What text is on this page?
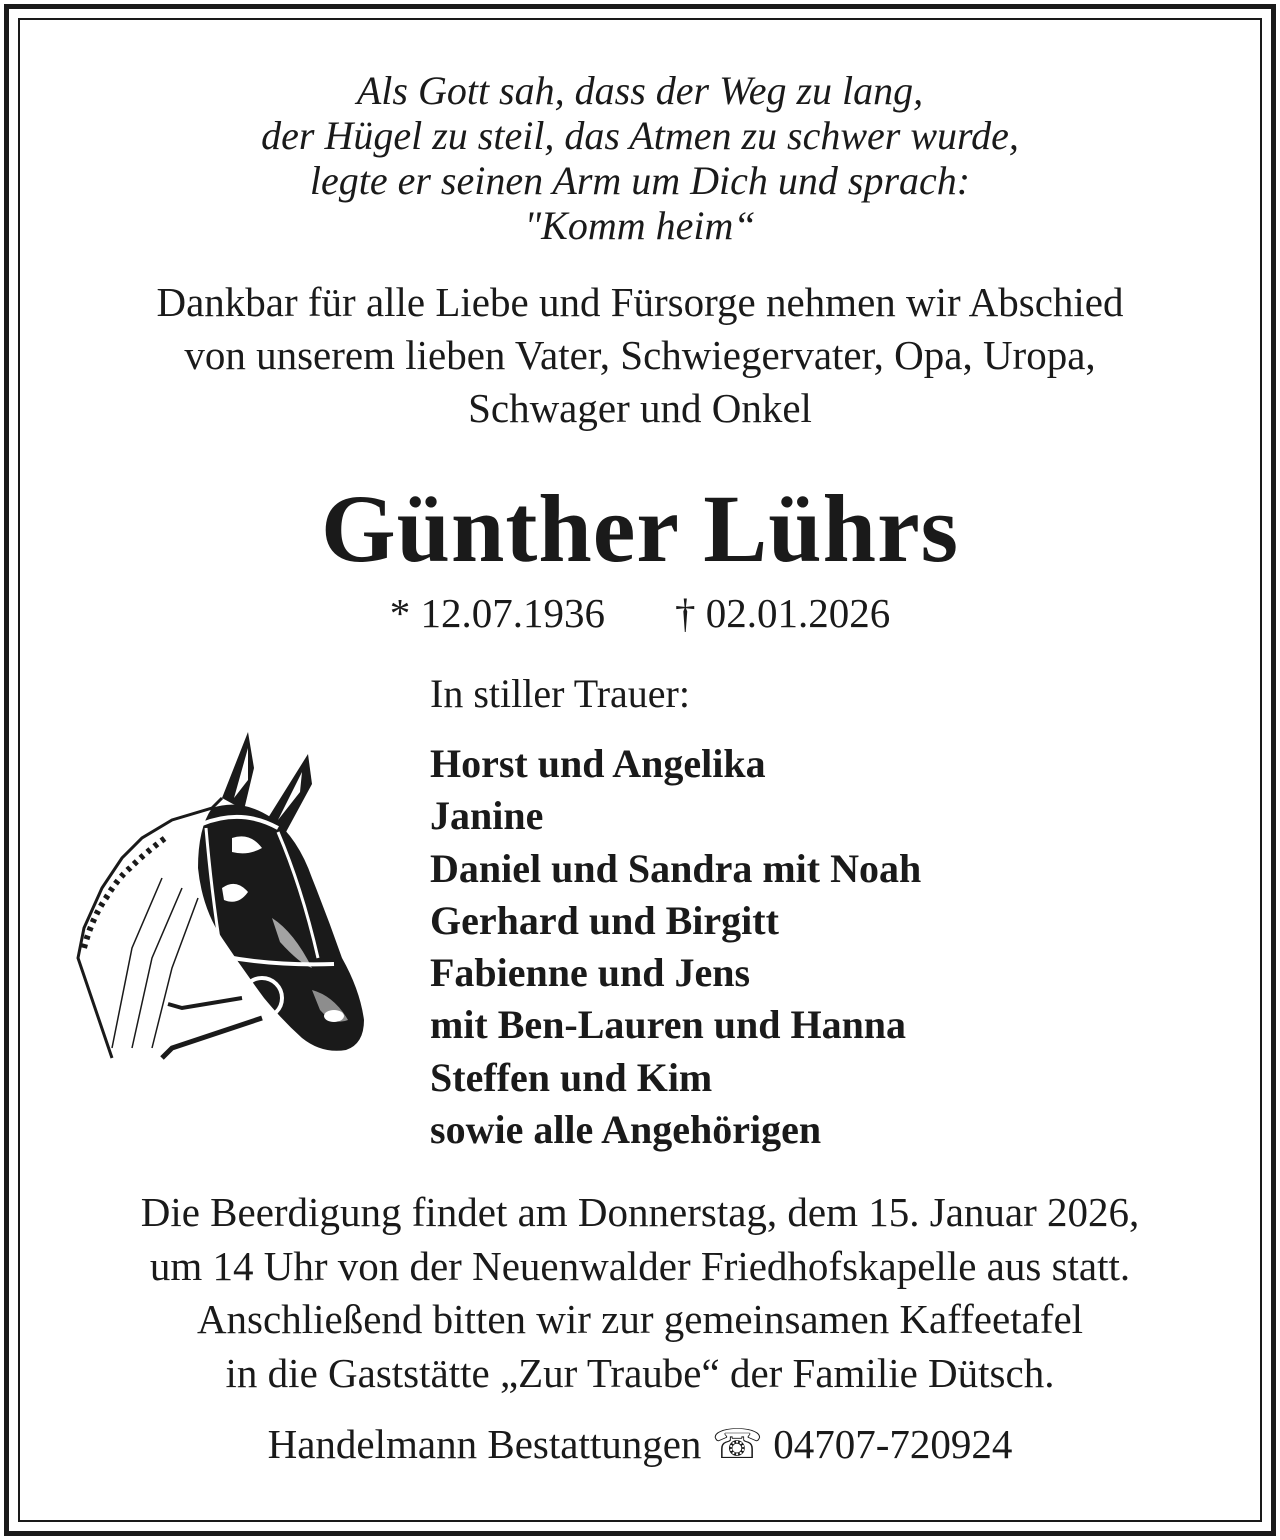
Als Gott sah, dass der Weg zu lang,
der Hügel zu steil, das Atmen zu schwer wurde,
legte er seinen Arm um Dich und sprach:
"Komm heim“
Dankbar für alle Liebe und Fürsorge nehmen wir Abschied
von unserem lieben Vater, Schwiegervater, Opa, Uropa,
Schwager und Onkel
Günther Lührs
* 12.07.1936 † 02.01.2026
In stiller Trauer:
Horst und Angelika
Janine
Daniel und Sandra mit Noah
Gerhard und Birgitt
Fabienne und Jens
mit Ben-Lauren und Hanna
Steffen und Kim
sowie alle Angehörigen
Die Beerdigung findet am Donnerstag, dem 15. Januar 2026,
um 14 Uhr von der Neuenwalder Friedhofskapelle aus statt.
Anschließend bitten wir zur gemeinsamen Kaffeetafel
in die Gaststätte „Zur Traube“ der Familie Dütsch.
Handelmann Bestattungen ☏ 04707-720924
